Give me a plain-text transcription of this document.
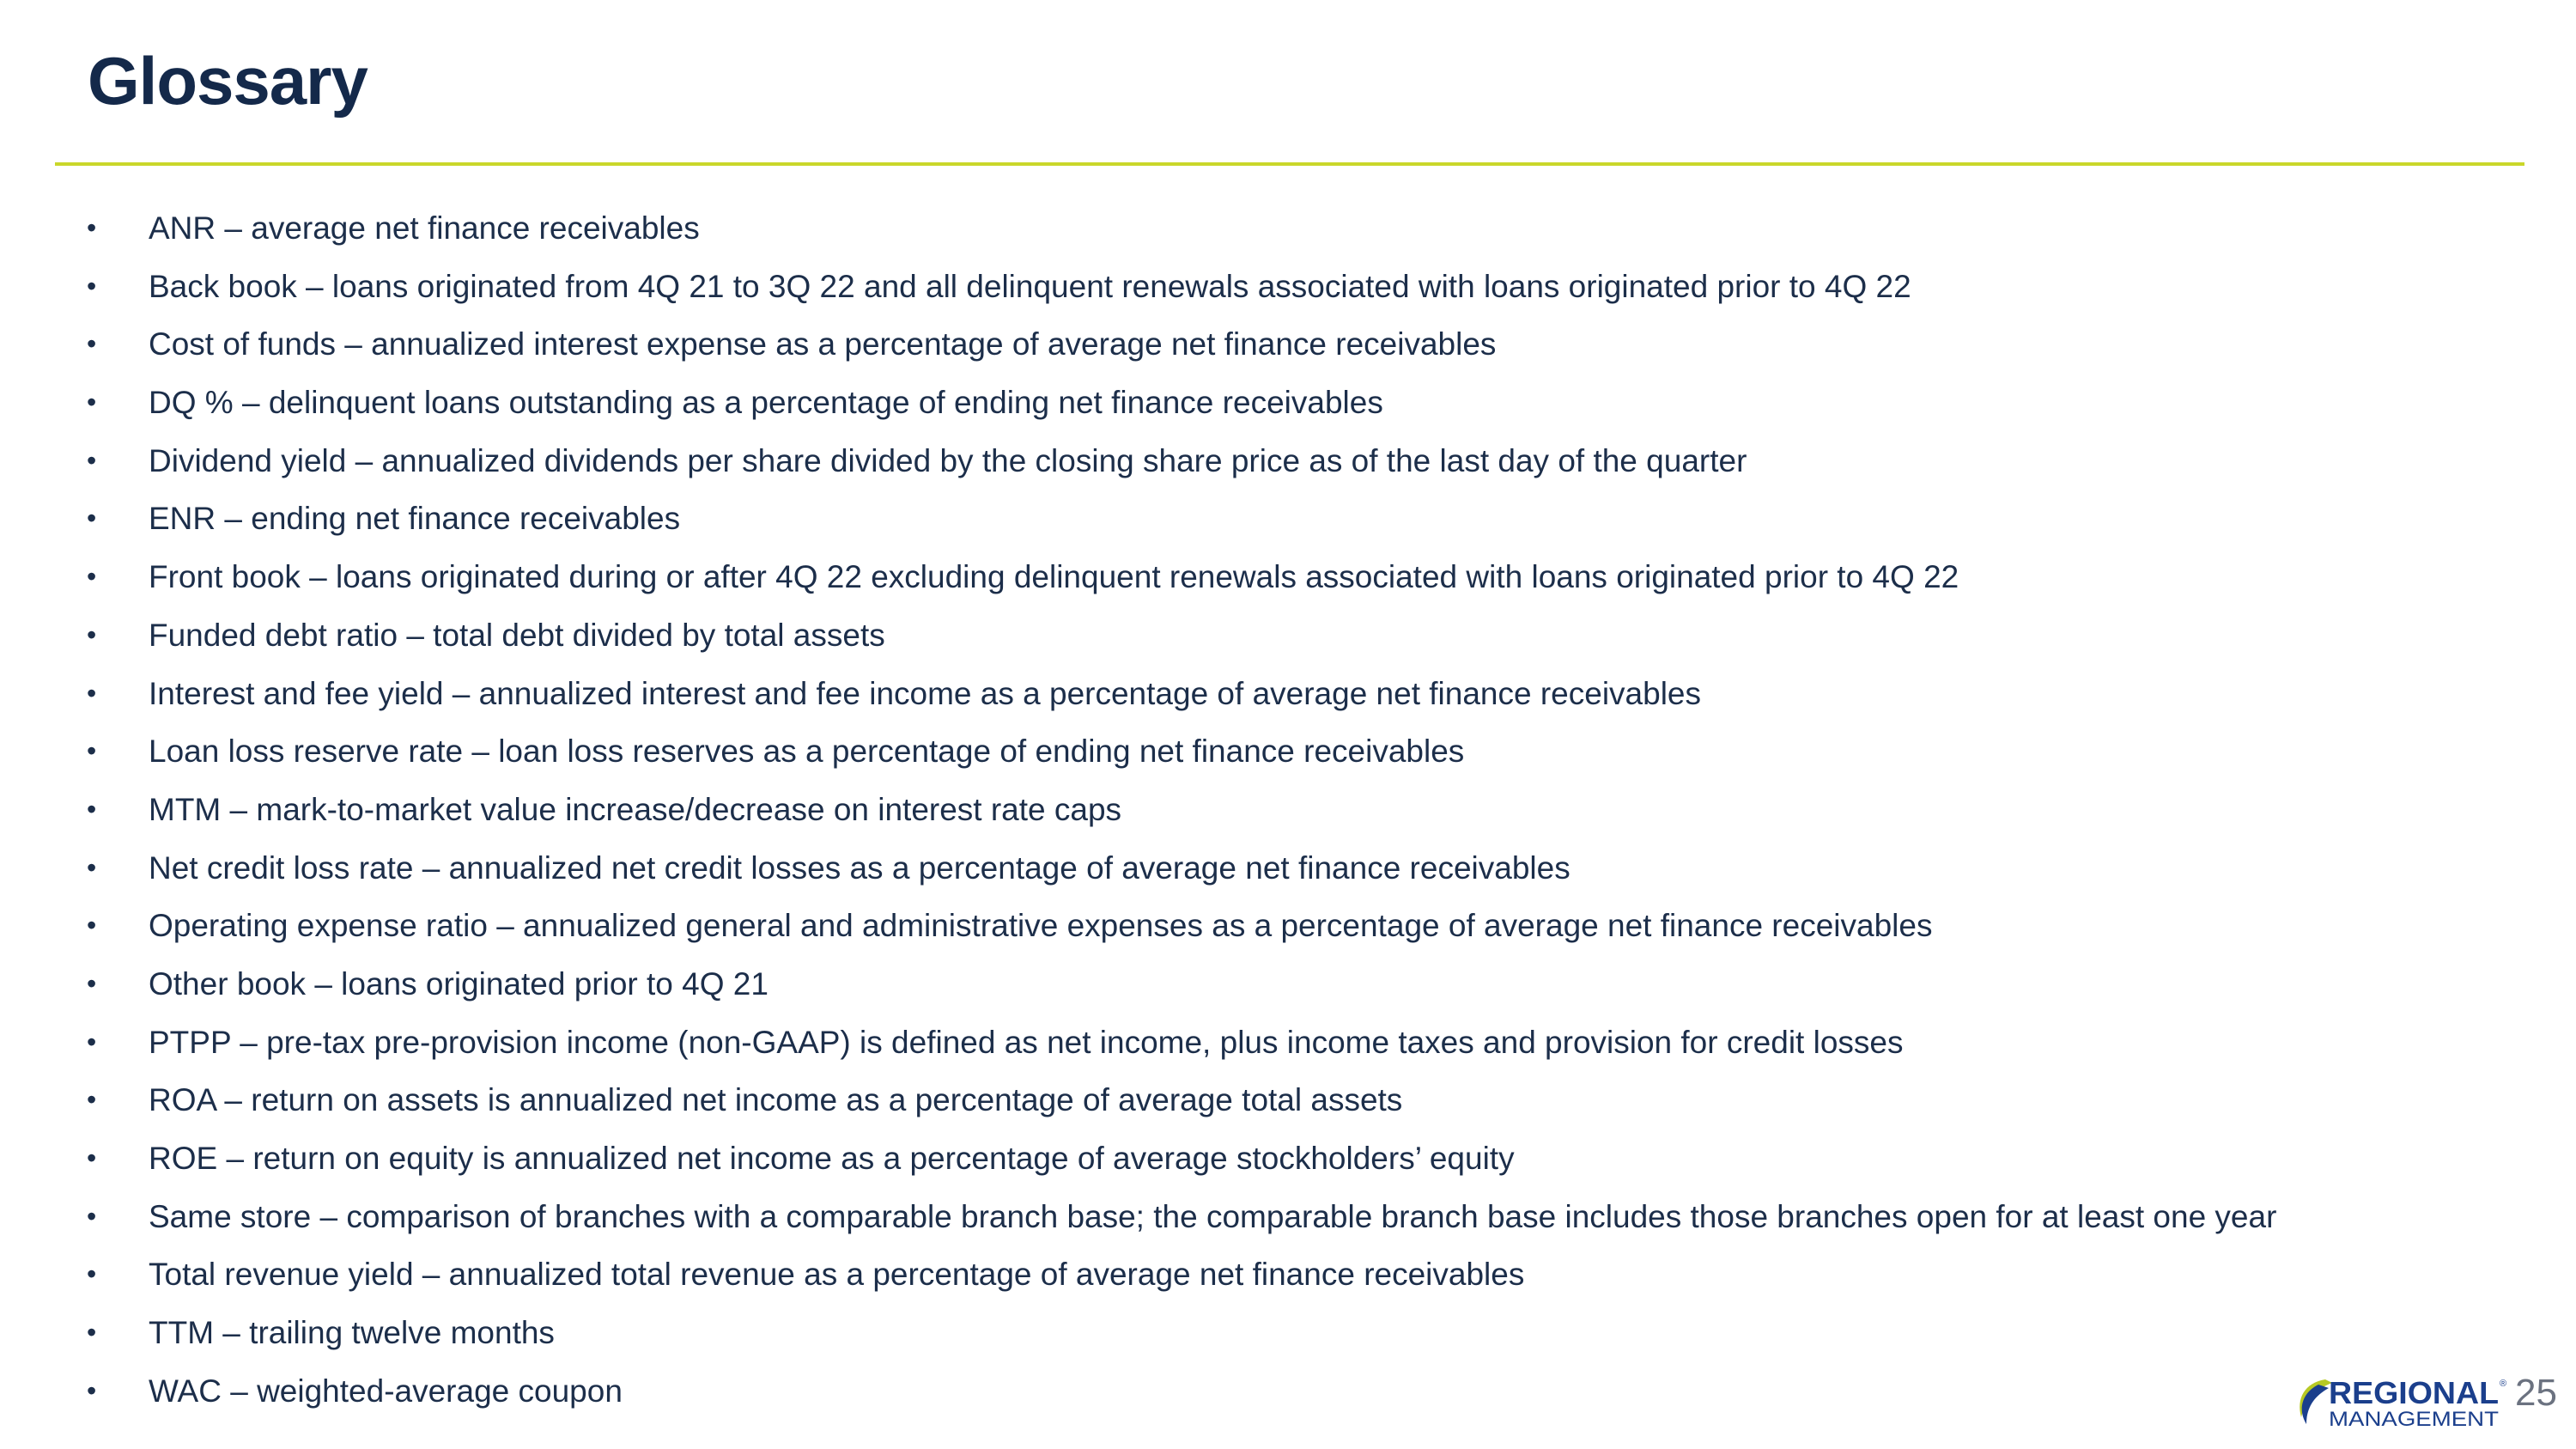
Glossary
• ANR – average net finance receivables
• Back book – loans originated from 4Q 21 to 3Q 22 and all delinquent renewals associated with loans originated prior to 4Q 22
• Cost of funds – annualized interest expense as a percentage of average net finance receivables
• DQ % – delinquent loans outstanding as a percentage of ending net finance receivables
• Dividend yield – annualized dividends per share divided by the closing share price as of the last day of the quarter
• ENR – ending net finance receivables
• Front book – loans originated during or after 4Q 22 excluding delinquent renewals associated with loans originated prior to 4Q 22
• Funded debt ratio – total debt divided by total assets
• Interest and fee yield – annualized interest and fee income as a percentage of average net finance receivables
• Loan loss reserve rate – loan loss reserves as a percentage of ending net finance receivables
• MTM – mark-to-market value increase/decrease on interest rate caps
• Net credit loss rate – annualized net credit losses as a percentage of average net finance receivables
• Operating expense ratio – annualized general and administrative expenses as a percentage of average net finance receivables
• Other book – loans originated prior to 4Q 21
• PTPP – pre-tax pre-provision income (non-GAAP) is defined as net income, plus income taxes and provision for credit losses
• ROA – return on assets is annualized net income as a percentage of average total assets
• ROE – return on equity is annualized net income as a percentage of average stockholders’ equity
• Same store – comparison of branches with a comparable branch base; the comparable branch base includes those branches open for at least one year
• Total revenue yield – annualized total revenue as a percentage of average net finance receivables
• TTM – trailing twelve months
• WAC – weighted-average coupon	REGIONAL ®
MANAGEMENT
25
